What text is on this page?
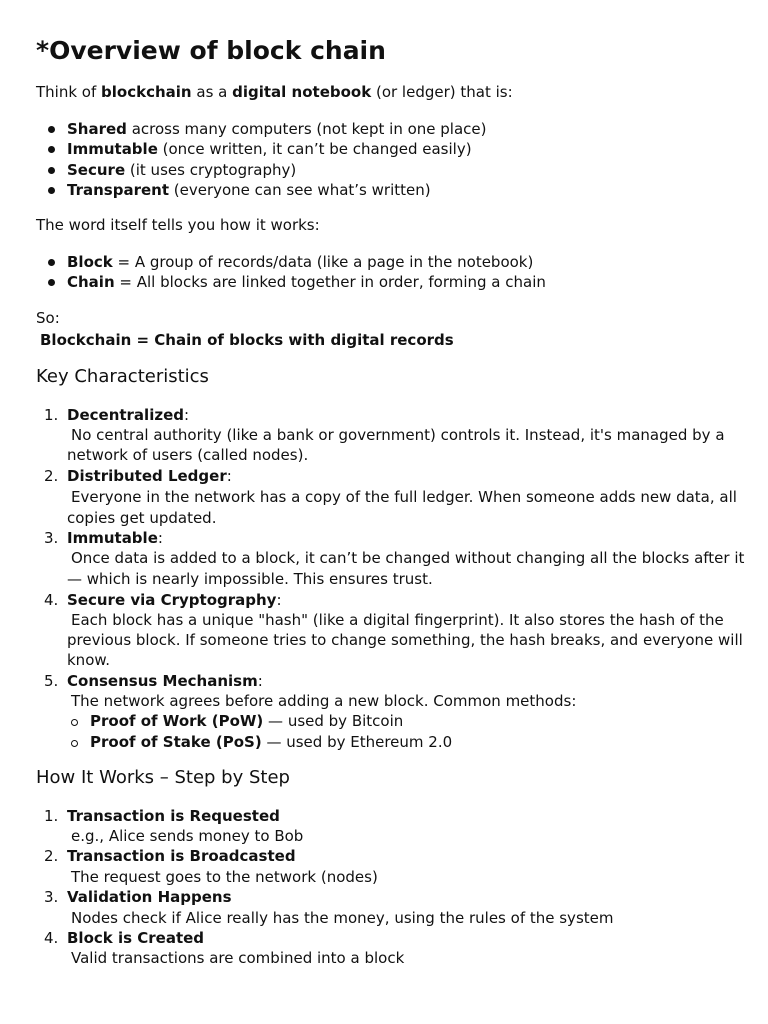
*Overview of block chain

Think of blockchain as a digital notebook (or ledger) that is:

Shared across many computers (not kept in one place)
Immutable (once written, it can’t be changed easily)
Secure (it uses cryptography)
Transparent (everyone can see what’s written)

The word itself tells you how it works:

Block = A group of records/data (like a page in the notebook)
Chain = All blocks are linked together in order, forming a chain

So:

Blockchain = Chain of blocks with digital records

Key Characteristics
1. Decentralized:

No central authority (like a bank or government) controls it. Instead, it's managed by a

network of users (called nodes).

2. Distributed Ledger:

Everyone in the network has a copy of the full ledger. When someone adds new data, all

copies get updated.

3. Immutable:

Once data is added to a block, it can’t be changed without changing all the blocks after it

— which is nearly impossible. This ensures trust.

4. Secure via Cryptography:

Each block has a unique "hash" (like a digital fingerprint). It also stores the hash of the

previous block. If someone tries to change something, the hash breaks, and everyone will

know.

5. Consensus Mechanism:

The network agrees before adding a new block. Common methods:

Proof of Work (PoW) — used by Bitcoin
Proof of Stake (PoS) — used by Ethereum 2.0
How It Works – Step by Step
1. Transaction is Requested

e.g., Alice sends money to Bob

2. Transaction is Broadcasted

The request goes to the network (nodes)

3. Validation Happens

Nodes check if Alice really has the money, using the rules of the system

4. Block is Created

Valid transactions are combined into a block
